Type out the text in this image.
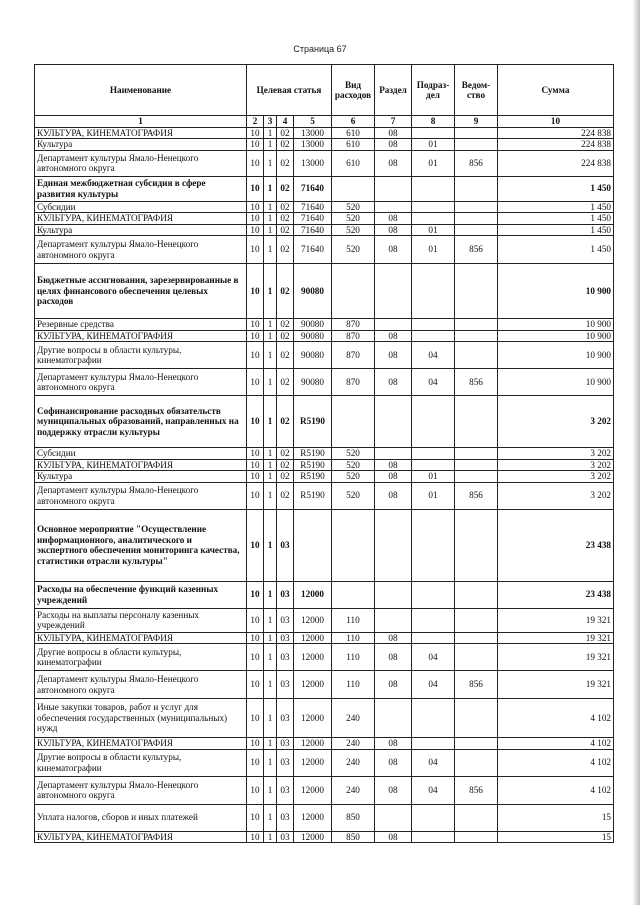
Страница 67
Наименование	Целевая статья				Вид расходов	Раздел	Подраз-дел	Ведом-ство	Сумма
1	2	3	4	5	6	7	8	9	10
КУЛЬТУРА, КИНЕМАТОГРАФИЯ	10	1	02	13000	610	08			224 838
Культура	10	1	02	13000	610	08	01		224 838
Департамент культуры Ямало-Ненецкого автономного округа	10	1	02	13000	610	08	01	856	224 838
Единая межбюджетная субсидия в сфере развития культуры	10	1	02	71640					1 450
Субсидии	10	1	02	71640	520				1 450
КУЛЬТУРА, КИНЕМАТОГРАФИЯ	10	1	02	71640	520	08			1 450
Культура	10	1	02	71640	520	08	01		1 450
Департамент культуры Ямало-Ненецкого автономного округа	10	1	02	71640	520	08	01	856	1 450
Бюджетные ассигнования, зарезервированные в целях финансового обеспечения целевых расходов	10	1	02	90080					10 900
Резервные средства	10	1	02	90080	870				10 900
КУЛЬТУРА, КИНЕМАТОГРАФИЯ	10	1	02	90080	870	08			10 900
Другие вопросы в области культуры, кинематографии	10	1	02	90080	870	08	04		10 900
Департамент культуры Ямало-Ненецкого автономного округа	10	1	02	90080	870	08	04	856	10 900
Софинансирование расходных обязательств муниципальных образований, направленных на поддержку отрасли культуры	10	1	02	R5190					3 202
Субсидии	10	1	02	R5190	520				3 202
КУЛЬТУРА, КИНЕМАТОГРАФИЯ	10	1	02	R5190	520	08			3 202
Культура	10	1	02	R5190	520	08	01		3 202
Департамент культуры Ямало-Ненецкого автономного округа	10	1	02	R5190	520	08	01	856	3 202
Основное мероприятие "Осуществление информационного, аналитического и экспертного обеспечения мониторинга качества, статистики отрасли культуры"	10	1	03						23 438
Расходы на обеспечение функций казенных учреждений	10	1	03	12000					23 438
Расходы на выплаты персоналу казенных учреждений	10	1	03	12000	110				19 321
КУЛЬТУРА, КИНЕМАТОГРАФИЯ	10	1	03	12000	110	08			19 321
Другие вопросы в области культуры, кинематографии	10	1	03	12000	110	08	04		19 321
Департамент культуры Ямало-Ненецкого автономного округа	10	1	03	12000	110	08	04	856	19 321
Иные закупки товаров, работ и услуг для обеспечения государственных (муниципальных) нужд	10	1	03	12000	240				4 102
КУЛЬТУРА, КИНЕМАТОГРАФИЯ	10	1	03	12000	240	08			4 102
Другие вопросы в области культуры, кинематографии	10	1	03	12000	240	08	04		4 102
Департамент культуры Ямало-Ненецкого автономного округа	10	1	03	12000	240	08	04	856	4 102
Уплата налогов, сборов и иных платежей	10	1	03	12000	850				15
КУЛЬТУРА, КИНЕМАТОГРАФИЯ	10	1	03	12000	850	08			15
